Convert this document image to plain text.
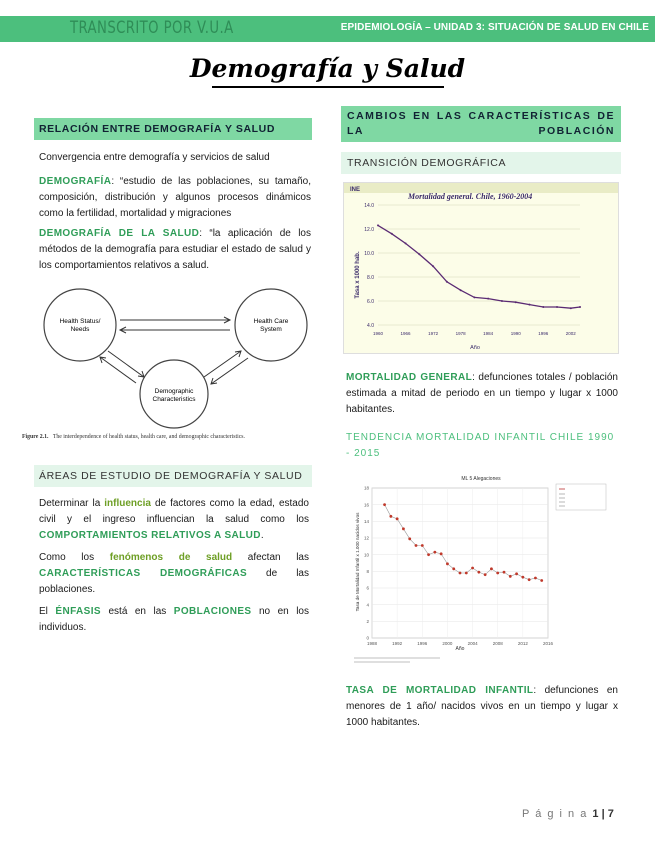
TRANSCRITO POR V.U.A	EPIDEMIOLOGÍA – UNIDAD 3: SITUACIÓN DE SALUD EN CHILE
Demografía y Salud
RELACIÓN ENTRE DEMOGRAFÍA Y SALUD
Convergencia entre demografía y servicios de salud
DEMOGRAFÍA: “estudio de las poblaciones, su tamaño, composición, distribución y algunos procesos dinámicos como la fertilidad, mortalidad y migraciones
DEMOGRAFÍA DE LA SALUD: “la aplicación de los métodos de la demografía para estudiar el estado de salud y los comportamientos relativos a salud.
Health Status/
Needs
Health Care
System
Demographic
Characteristics
Figure 2.1. The interdependence of health status, health care, and demographic characteristics.
ÁREAS DE ESTUDIO DE DEMOGRAFÍA Y SALUD
Determinar la influencia de factores como la edad, estado civil y el ingreso influencian la salud como los COMPORTAMIENTOS RELATIVOS A SALUD.
Como los fenómenos de salud afectan las CARACTERÍSTICAS DEMOGRÁFICAS de las poblaciones.
El ÉNFASIS está en las POBLACIONES no en los individuos.
CAMBIOS EN LAS CARACTERÍSTICAS DE LA POBLACIÓN
TRANSICIÓN DEMOGRÁFICA
INE
Mortalidad general. Chile, 1960-2004
Tasa x 1000 hab.
Año
4.0
6.0
8.0
10.0
12.0
14.0
1960	1966	1972	1978	1984	1990	1996	2002
MORTALIDAD GENERAL: defunciones totales / población estimada a mitad de periodo en un tiempo y lugar x 1000 habitantes.
TENDENCIA MORTALIDAD INFANTIL CHILE 1990 - 2015
ML 5 Alegaciones
Tasa de Mortalidad Infantil x 1.000 nacidos vivos
Año
0
2
4
6
8
10
12
14
16
18
1988	1992	1996	2000	2004	2008	2012	2016
TASA DE MORTALIDAD INFANTIL: defunciones en menores de 1 año/ nacidos vivos en un tiempo y lugar x 1000 habitantes.
P á g i n a 1 | 7
